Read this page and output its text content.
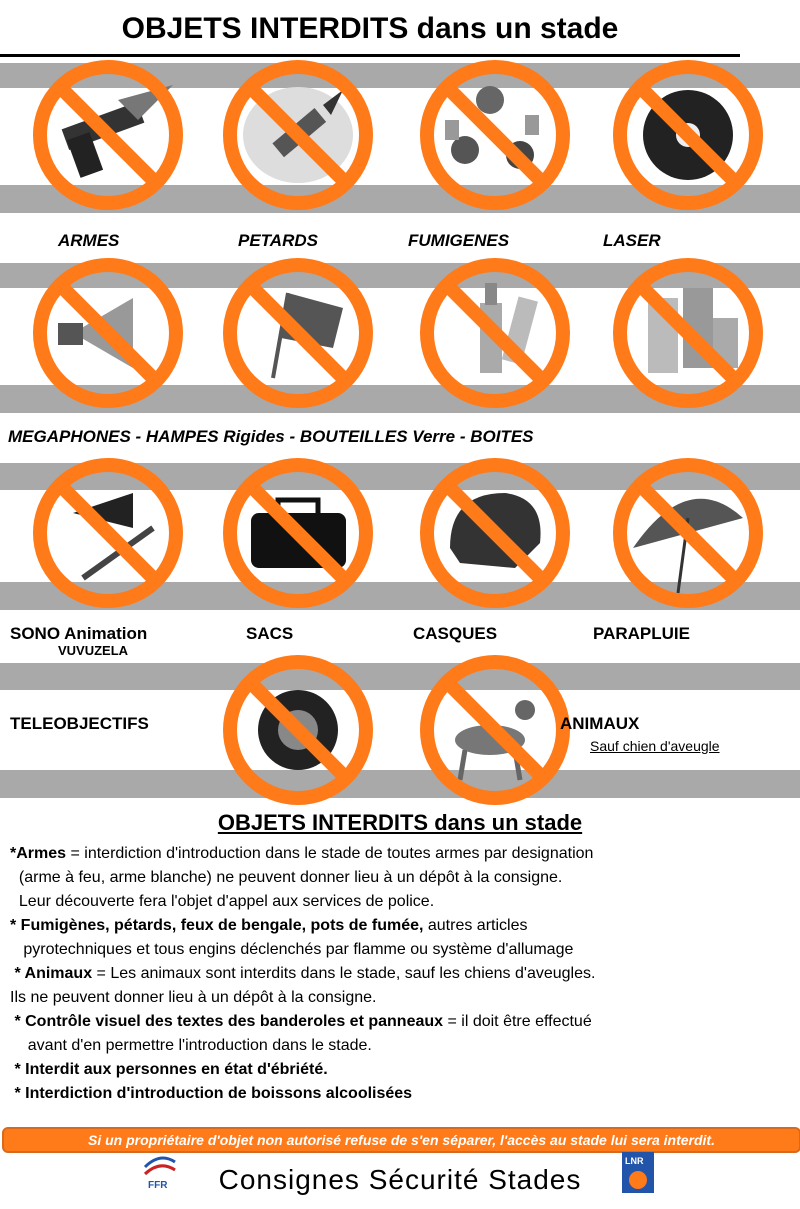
OBJETS INTERDITS dans un stade
ARMES	PETARDS	FUMIGENES	LASER
MEGAPHONES - HAMPES Rigides - BOUTEILLES Verre - BOITES
SONO Animation
VUVUZELA
SACS	CASQUES	PARAPLUIE
TELEOBJECTIFS	ANIMAUX
Sauf chien d'aveugle
OBJETS INTERDITS dans un stade

*Armes = interdiction d'introduction dans le stade de toutes armes par designation

(arme à feu, arme blanche) ne peuvent donner lieu à un dépôt à la consigne.

Leur découverte fera l'objet d'appel aux services de police.

* Fumigènes, pétards, feux de bengale, pots de fumée, autres articles

pyrotechniques et tous engins déclenchés par flamme ou système d'allumage

* Animaux = Les animaux sont interdits dans le stade, sauf les chiens d'aveugles.

Ils ne peuvent donner lieu à un dépôt à la consigne.

* Contrôle visuel des textes des banderoles et panneaux = il doit être effectué

avant d'en permettre l'introduction dans le stade.

* Interdit aux personnes en état d'ébriété.

* Interdiction d'introduction de boissons alcoolisées

Si un propriétaire d'objet non autorisé refuse de s'en séparer, l'accès au stade lui sera interdit.
FFR Consignes Sécurité Stades
LNR
